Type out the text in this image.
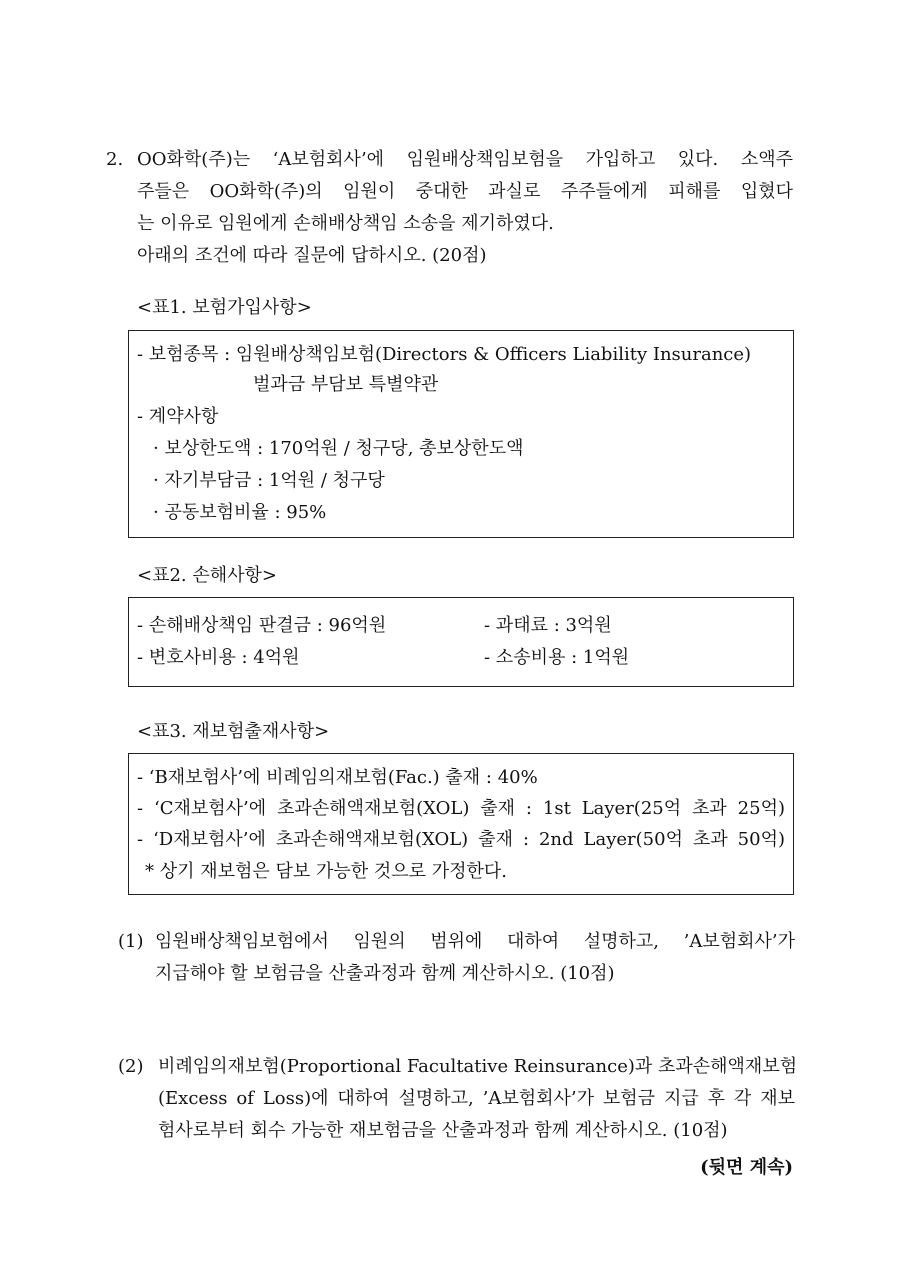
2. OO화학(주)는 ‘A보험회사’에 임원배상책임보험을 가입하고 있다. 소액주
주들은 OO화학(주)의 임원이 중대한 과실로 주주들에게 피해를 입혔다
는 이유로 임원에게 손해배상책임 소송을 제기하였다.
아래의 조건에 따라 질문에 답하시오. (20점)
<표1. 보험가입사항>
- 보험종목 : 임원배상책임보험(Directors & Officers Liability Insurance)
벌과금 부담보 특별약관
- 계약사항
· 보상한도액 : 170억원 / 청구당, 총보상한도액
· 자기부담금 : 1억원 / 청구당
· 공동보험비율 : 95%
<표2. 손해사항>
- 손해배상책임 판결금 : 96억원
- 변호사비용 : 4억원
- 과태료 : 3억원
- 소송비용 : 1억원
<표3. 재보험출재사항>
- ‘B재보험사’에 비례임의재보험(Fac.) 출재 : 40%
- ‘C재보험사’에 초과손해액재보험(XOL) 출재 : 1st Layer(25억 초과 25억)
- ‘D재보험사’에 초과손해액재보험(XOL) 출재 : 2nd Layer(50억 초과 50억)
* 상기 재보험은 담보 가능한 것으로 가정한다.
(1) 임원배상책임보험에서 임원의 범위에 대하여 설명하고, ’A보험회사’가
지급해야 할 보험금을 산출과정과 함께 계산하시오. (10점)
(2) 비례임의재보험(Proportional Facultative Reinsurance)과 초과손해액재보험
(Excess of Loss)에 대하여 설명하고, ’A보험회사’가 보험금 지급 후 각 재보
험사로부터 회수 가능한 재보험금을 산출과정과 함께 계산하시오. (10점)
(뒷면 계속)
